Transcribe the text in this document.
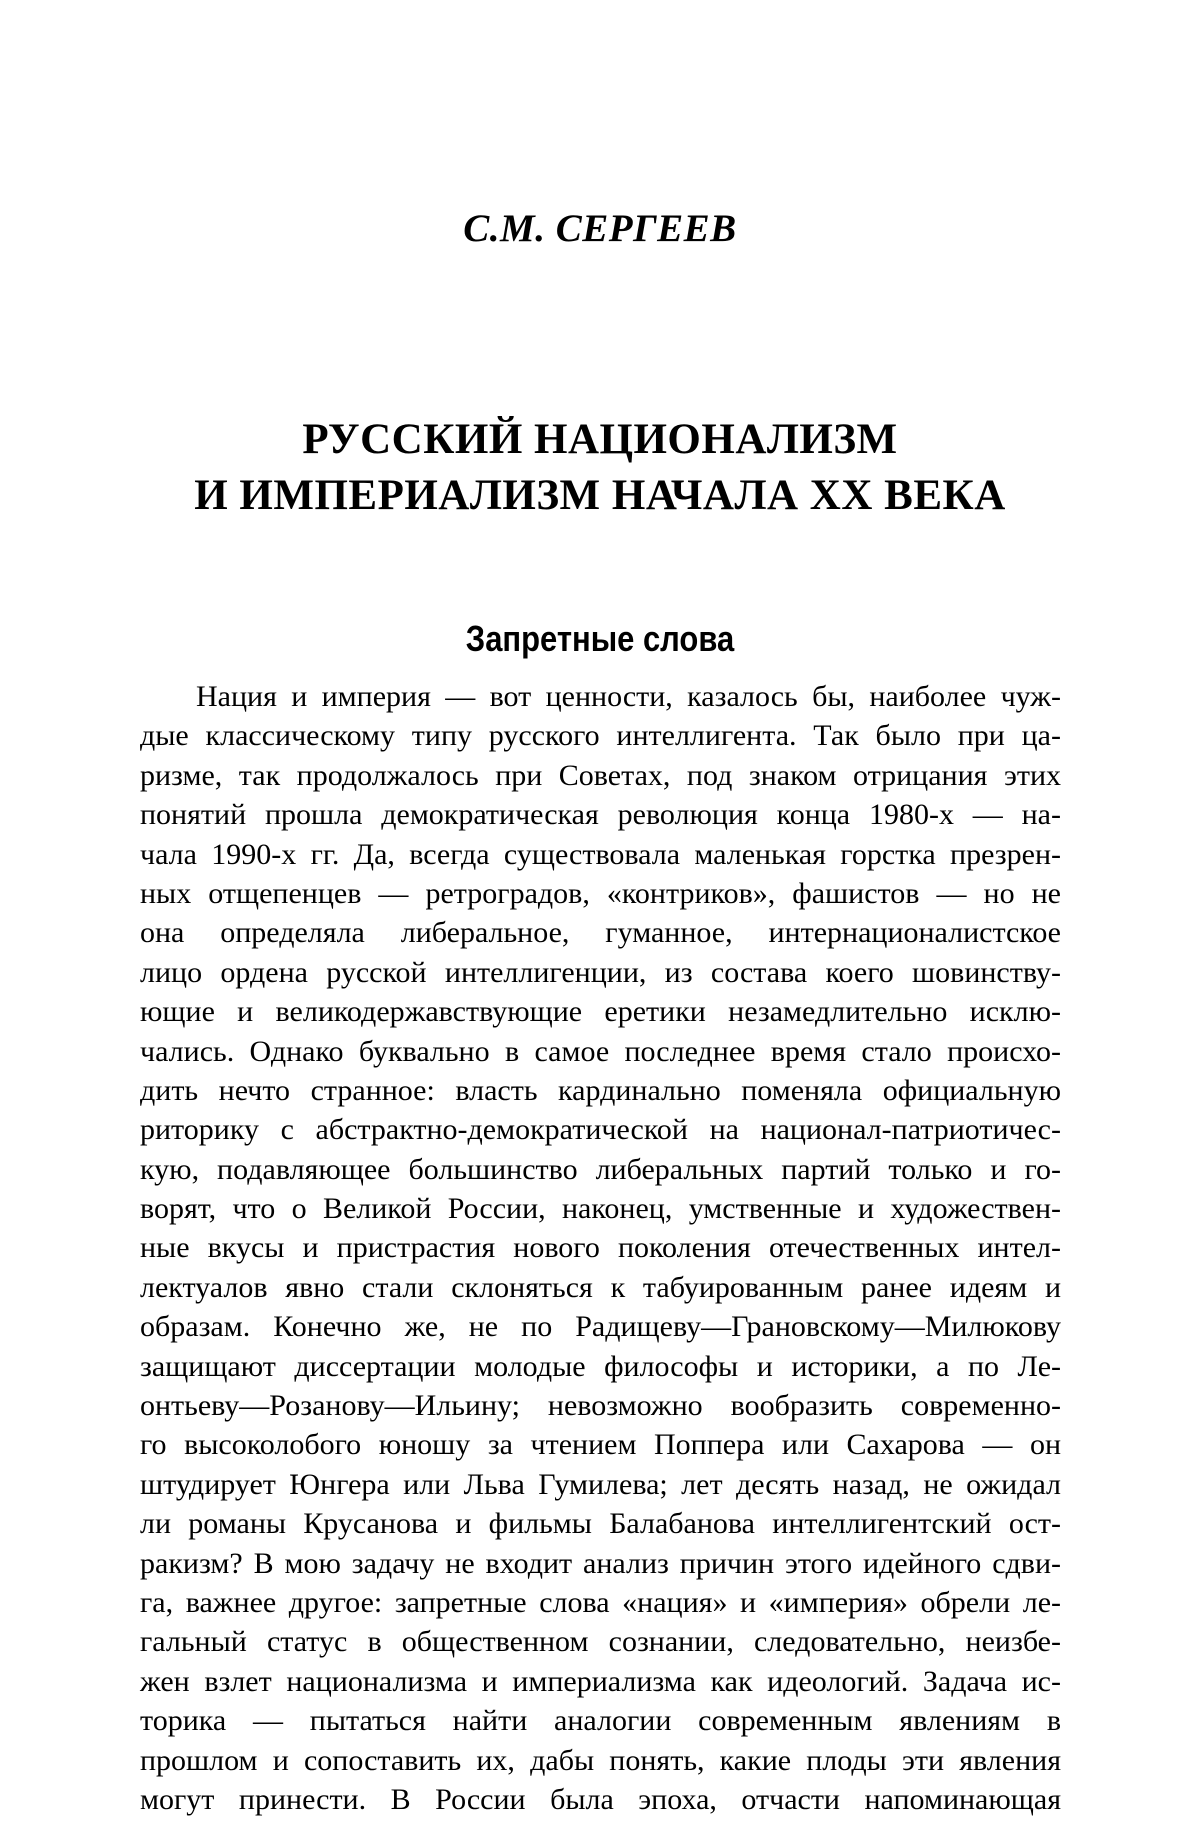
С.М. СЕРГЕЕВ
РУССКИЙ НАЦИОНАЛИЗМ
И ИМПЕРИАЛИЗМ НАЧАЛА XX ВЕКА
Запретные слова
Нация и империя — вот ценности, казалось бы, наиболее чуж-
дые классическому типу русского интеллигента. Так было при ца-
ризме, так продолжалось при Советах, под знаком отрицания этих
понятий прошла демократическая революция конца 1980-х — на-
чала 1990-х гг. Да, всегда существовала маленькая горстка презрен-
ных отщепенцев — ретроградов, «контриков», фашистов — но не
она определяла либеральное, гуманное, интернационалистское
лицо ордена русской интеллигенции, из состава коего шовинству-
ющие и великодержавствующие еретики незамедлительно исклю-
чались. Однако буквально в самое последнее время стало происхо-
дить нечто странное: власть кардинально поменяла официальную
риторику с абстрактно-демократической на национал-патриотичес-
кую, подавляющее большинство либеральных партий только и го-
ворят, что о Великой России, наконец, умственные и художествен-
ные вкусы и пристрастия нового поколения отечественных интел-
лектуалов явно стали склоняться к табуированным ранее идеям и
образам. Конечно же, не по Радищеву—Грановскому—Милюкову
защищают диссертации молодые философы и историки, а по Ле-
онтьеву—Розанову—Ильину; невозможно вообразить современно-
го высоколобого юношу за чтением Поппера или Сахарова — он
штудирует Юнгера или Льва Гумилева; лет десять назад, не ожидал
ли романы Крусанова и фильмы Балабанова интеллигентский ост-
ракизм? В мою задачу не входит анализ причин этого идейного сдви-
га, важнее другое: запретные слова «нация» и «империя» обрели ле-
гальный статус в общественном сознании, следовательно, неизбе-
жен взлет национализма и империализма как идеологий. Задача ис-
торика — пытаться найти аналогии современным явлениям в
прошлом и сопоставить их, дабы понять, какие плоды эти явления
могут принести. В России была эпоха, отчасти напоминающая
